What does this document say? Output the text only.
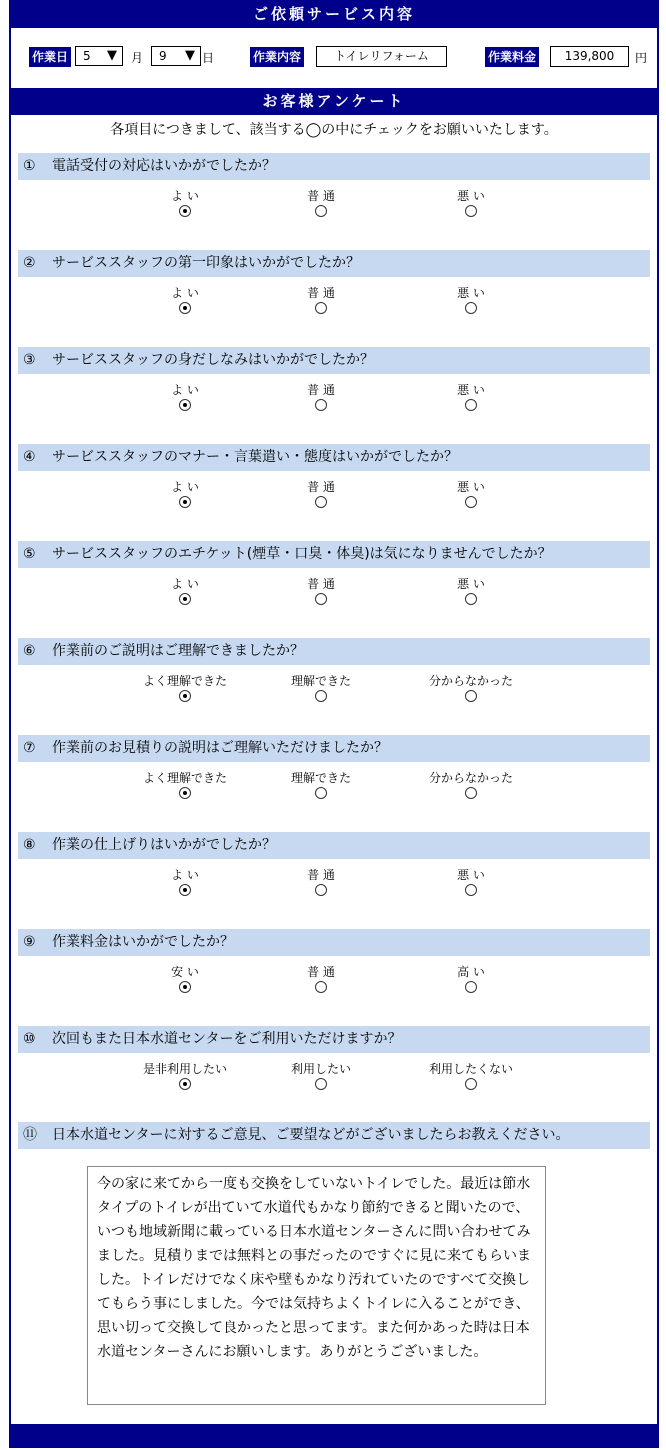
ご依頼サービス内容
作業日 5 ▼ 月 9 ▼ 日	作業内容	トイレリフォーム	作業料金	139,800	円
お客様アンケート
各項目につきまして、該当する◯の中にチェックをお願いいたします。
① 電話受付の対応はいかがでしたか？
よ い	普 通	悪 い
② サービススタッフの第一印象はいかがでしたか？
よ い	普 通	悪 い
③ サービススタッフの身だしなみはいかがでしたか？
よ い	普 通	悪 い
④ サービススタッフのマナー・言葉遣い・態度はいかがでしたか？
よ い	普 通	悪 い
⑤ サービススタッフのエチケット(煙草・口臭・体臭)は気になりませんでしたか？
よ い	普 通	悪 い
⑥ 作業前のご説明はご理解できましたか？
よく理解できた	理解できた	分からなかった
⑦ 作業前のお見積りの説明はご理解いただけましたか？
よく理解できた	理解できた	分からなかった
⑧ 作業の仕上げりはいかがでしたか？
よ い	普 通	悪 い
⑨ 作業料金はいかがでしたか？
安 い	普 通	高 い
⑩ 次回もまた日本水道センターをご利用いただけますか？
是非利用したい	利用したい	利用したくない
⑪ 日本水道センターに対するご意見、ご要望などがございましたらお教えください。
今の家に来てから一度も交換をしていないトイレでした。最近は節水タイプのトイレが出ていて水道代もかなり節約できると聞いたので、いつも地域新聞に載っている日本水道センターさんに問い合わせてみました。見積りまでは無料との事だったのですぐに見に来てもらいました。トイレだけでなく床や壁もかなり汚れていたのですべて交換してもらう事にしました。今では気持ちよくトイレに入ることができ、思い切って交換して良かったと思ってます。また何かあった時は日本水道センターさんにお願いします。ありがとうございました。
